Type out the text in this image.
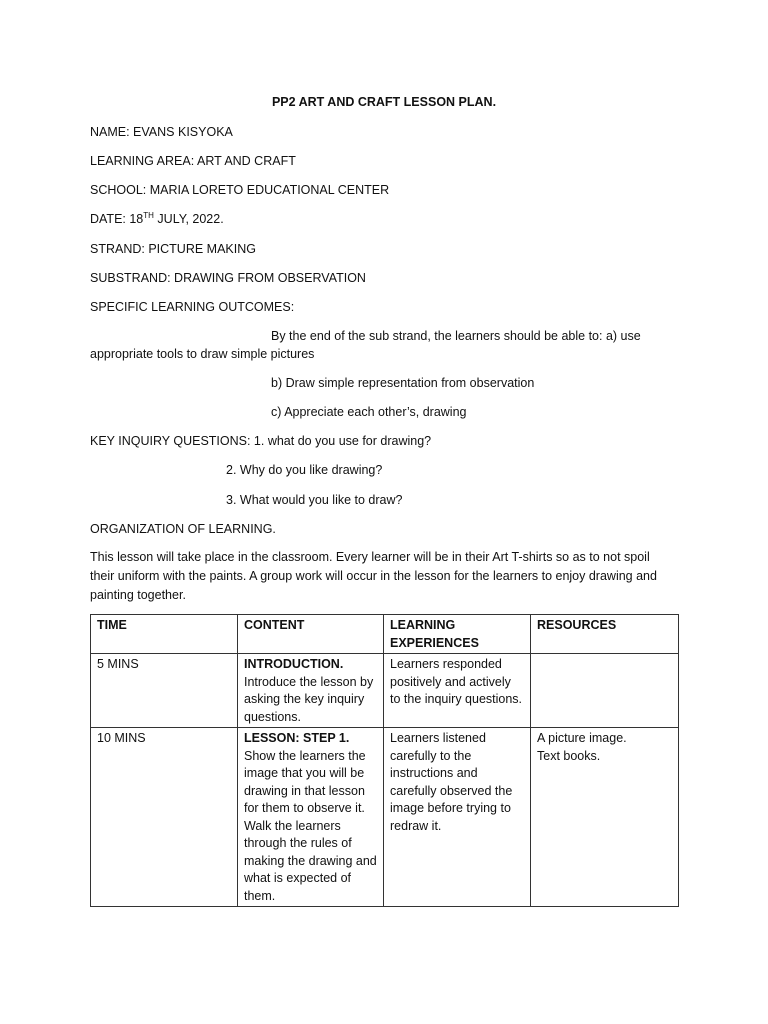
PP2 ART AND CRAFT LESSON PLAN.
NAME: EVANS KISYOKA
LEARNING AREA: ART AND CRAFT
SCHOOL: MARIA LORETO EDUCATIONAL CENTER
DATE: 18TH JULY, 2022.
STRAND: PICTURE MAKING
SUBSTRAND: DRAWING FROM OBSERVATION
SPECIFIC LEARNING OUTCOMES:
By the end of the sub strand, the learners should be able to: a) use
appropriate tools to draw simple pictures
b) Draw simple representation from observation
c) Appreciate each other’s, drawing
KEY INQUIRY QUESTIONS: 1. what do you use for drawing?
2. Why do you like drawing?
3. What would you like to draw?
ORGANIZATION OF LEARNING.
This lesson will take place in the classroom. Every learner will be in their Art T-shirts so as to not spoil
their uniform with the paints. A group work will occur in the lesson for the learners to enjoy drawing and
painting together.
TIME	CONTENT	LEARNING EXPERIENCES	RESOURCES
5 MINS	INTRODUCTION.
Introduce the lesson by asking the key inquiry questions.	Learners responded positively and actively to the inquiry questions.	
10 MINS	LESSON: STEP 1.
Show the learners the image that you will be drawing in that lesson for them to observe it. Walk the learners through the rules of making the drawing and what is expected of them.	Learners listened carefully to the instructions and carefully observed the image before trying to redraw it.	A picture image.
Text books.
